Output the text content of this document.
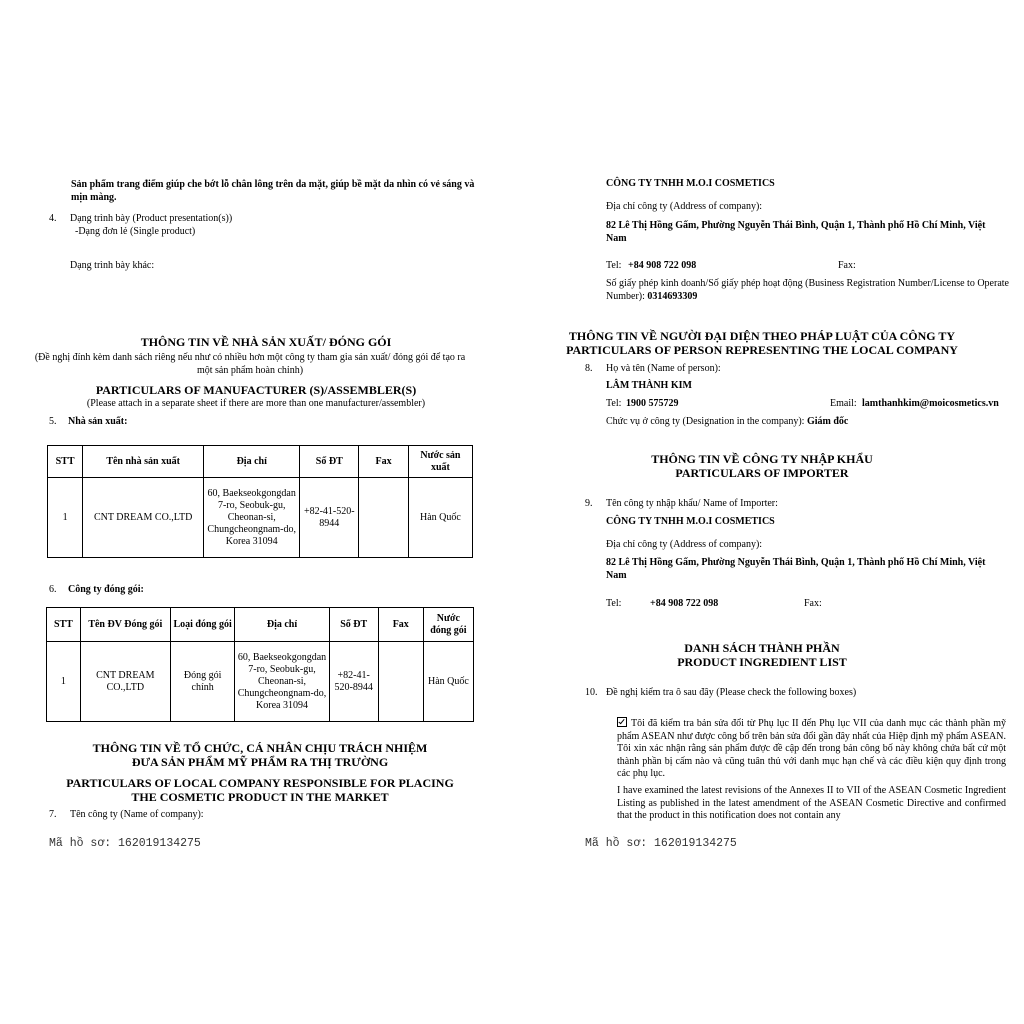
Sản phẩm trang điểm giúp che bớt lỗ chân lông trên da mặt, giúp bề mặt da nhìn có vẻ sáng và mịn màng.
4. Dạng trình bày (Product presentation(s))
-Dạng đơn lẻ (Single product)
Dạng trình bày khác:
THÔNG TIN VỀ NHÀ SẢN XUẤT/ ĐÓNG GÓI
(Đề nghị đính kèm danh sách riêng nếu như có nhiều hơn một công ty tham gia sản xuất/ đóng gói để tạo ra một sản phẩm hoàn chỉnh)
PARTICULARS OF MANUFACTURER (S)/ASSEMBLER(S)
(Please attach in a separate sheet if there are more than one manufacturer/assembler)
5. Nhà sản xuất:
STT	Tên nhà sản xuất	Địa chỉ	Số ĐT	Fax	Nước sản xuất
1	CNT DREAM CO.,LTD	60, Baekseokgongdan 7-ro, Seobuk-gu, Cheonan-si, Chungcheongnam-do, Korea 31094	+82-41-520-8944		Hàn Quốc
6. Công ty đóng gói:
STT	Tên ĐV Đóng gói	Loại đóng gói	Địa chỉ	Số ĐT	Fax	Nước đóng gói
1	CNT DREAM CO.,LTD	Đóng gói chính	60, Baekseokgongdan 7-ro, Seobuk-gu, Cheonan-si, Chungcheongnam-do, Korea 31094	+82-41-520-8944		Hàn Quốc
THÔNG TIN VỀ TỔ CHỨC, CÁ NHÂN CHỊU TRÁCH NHIỆM
ĐƯA SẢN PHẨM MỸ PHẨM RA THỊ TRƯỜNG
PARTICULARS OF LOCAL COMPANY RESPONSIBLE FOR PLACING
THE COSMETIC PRODUCT IN THE MARKET
7. Tên công ty (Name of company):
Mã hồ sơ: 162019134275
CÔNG TY TNHH M.O.I COSMETICS
Địa chỉ công ty (Address of company):
82 Lê Thị Hồng Gấm, Phường Nguyễn Thái Bình, Quận 1, Thành phố Hồ Chí Minh, Việt Nam
Tel: +84 908 722 098	Fax:
Số giấy phép kinh doanh/Số giấy phép hoạt động (Business Registration Number/License to Operate Number): 0314693309
THÔNG TIN VỀ NGƯỜI ĐẠI DIỆN THEO PHÁP LUẬT CỦA CÔNG TY
PARTICULARS OF PERSON REPRESENTING THE LOCAL COMPANY
8. Họ và tên (Name of person):
LÂM THÀNH KIM
Tel: 1900 575729	Email: lamthanhkim@moicosmetics.vn
Chức vụ ở công ty (Designation in the company): Giám đốc
THÔNG TIN VỀ CÔNG TY NHẬP KHẨU
PARTICULARS OF IMPORTER
9. Tên công ty nhập khẩu/ Name of Importer:
CÔNG TY TNHH M.O.I COSMETICS
Địa chỉ công ty (Address of company):
82 Lê Thị Hồng Gấm, Phường Nguyễn Thái Bình, Quận 1, Thành phố Hồ Chí Minh, Việt Nam
Tel:	+84 908 722 098	Fax:
DANH SÁCH THÀNH PHẦN
PRODUCT INGREDIENT LIST
10. Đề nghị kiểm tra ô sau đây (Please check the following boxes)
Tôi đã kiểm tra bản sửa đổi từ Phụ lục II đến Phụ lục VII của danh mục các thành phần mỹ phẩm ASEAN như được công bố trên bản sửa đổi gần đây nhất của Hiệp định mỹ phẩm ASEAN. Tôi xin xác nhận rằng sản phẩm được đề cập đến trong bản công bố này không chứa bất cứ một thành phần bị cấm nào và cũng tuân thủ với danh mục hạn chế và các điều kiện quy định trong các phụ lục.
I have examined the latest revisions of the Annexes II to VII of the ASEAN Cosmetic Ingredient Listing as published in the latest amendment of the ASEAN Cosmetic Directive and confirmed that the product in this notification does not contain any
Mã hồ sơ: 162019134275
